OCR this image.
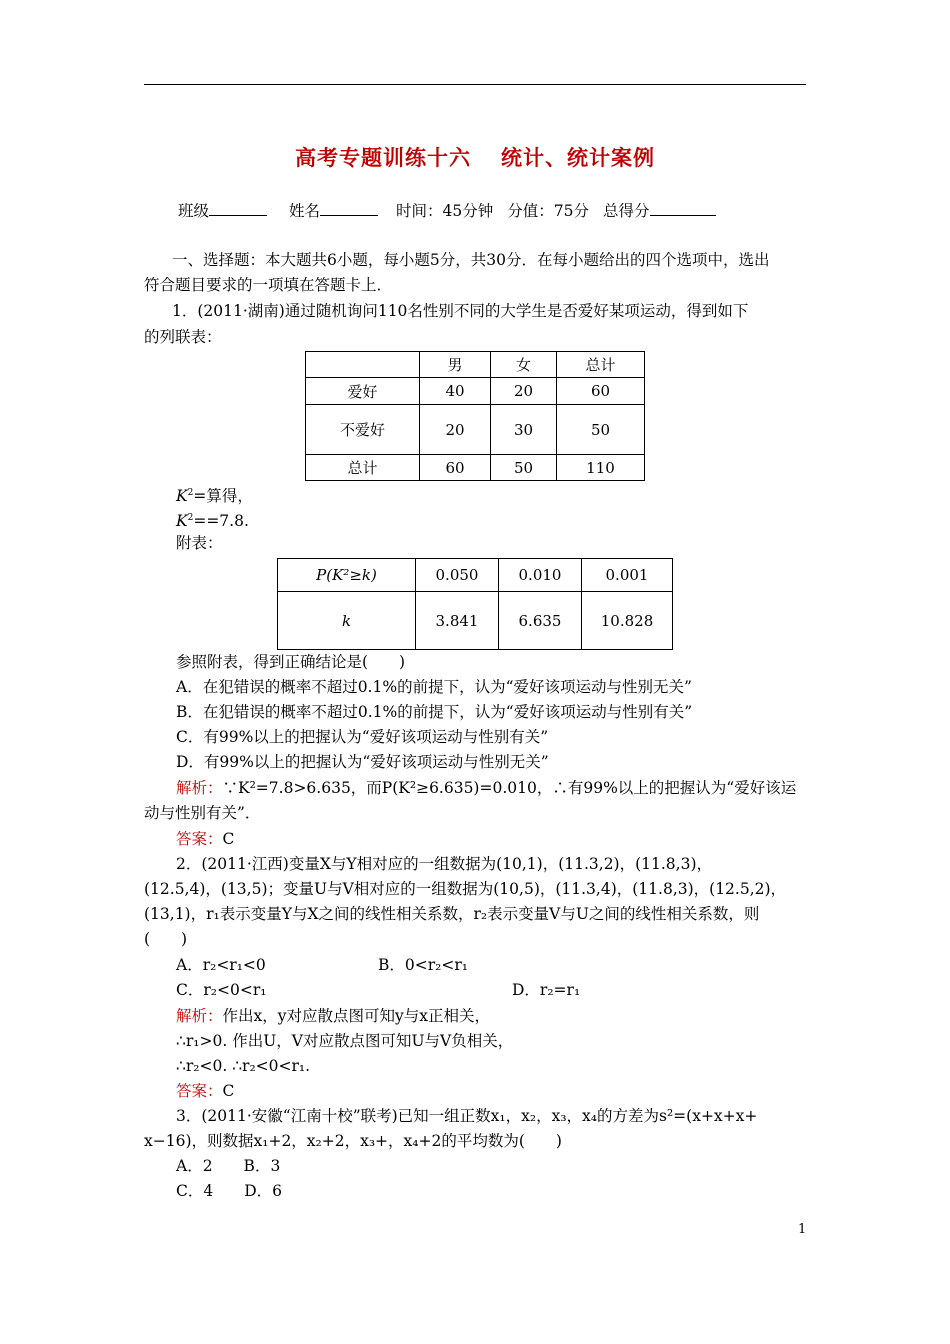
高考专题训练十六 统计、统计案例
班级	姓名	时间：45分钟 分值：75分 总得分
一、选择题：本大题共6小题，每小题5分，共30分．在每小题给出的四个选项中，选出
符合题目要求的一项填在答题卡上．
1．(2011·湖南)通过随机询问110名性别不同的大学生是否爱好某项运动，得到如下
的列联表：
	男	女	总计
爱好	40	20	60
不爱好	20	30	50
总计	60	50	110
$K^2=$算得，
$K^2==7.8$.
附表：
P(K²≥k)	0.050	0.010	0.001
k	3.841	6.635	10.828
参照附表，得到正确结论是(　　)
A．在犯错误的概率不超过0.1%的前提下，认为“爱好该项运动与性别无关”
B．在犯错误的概率不超过0.1%的前提下，认为“爱好该项运动与性别有关”
C．有99%以上的把握认为“爱好该项运动与性别有关”
D．有99%以上的把握认为“爱好该项运动与性别无关”
解析：∵K²=7.8>6.635，而P(K²≥6.635)=0.010，∴有99%以上的把握认为“爱好该运
动与性别有关”．
答案：C
2．(2011·江西)变量X与Y相对应的一组数据为(10,1)，(11.3,2)，(11.8,3)，
(12.5,4)，(13,5)；变量U与V相对应的一组数据为(10,5)，(11.3,4)，(11.8,3)，(12.5,2)，
(13,1)，r₁表示变量Y与X之间的线性相关系数，r₂表示变量V与U之间的线性相关系数，则
(　　)
A．r₂<r₁<0	B．0<r₂<r₁
C．r₂<0<r₁	D．r₂=r₁
解析：作出x，y对应散点图可知y与x正相关，
∴r₁>0. 作出U，V对应散点图可知U与V负相关，
∴r₂<0. ∴r₂<0<r₁.
答案：C
3．(2011·安徽“江南十校”联考)已知一组正数x₁，x₂，x₃，x₄的方差为s²=(x+x+x+
x−16)，则数据x₁+2，x₂+2，x₃+，x₄+2的平均数为(　　)
A．2　　B．3
C．4　　D．6
1
